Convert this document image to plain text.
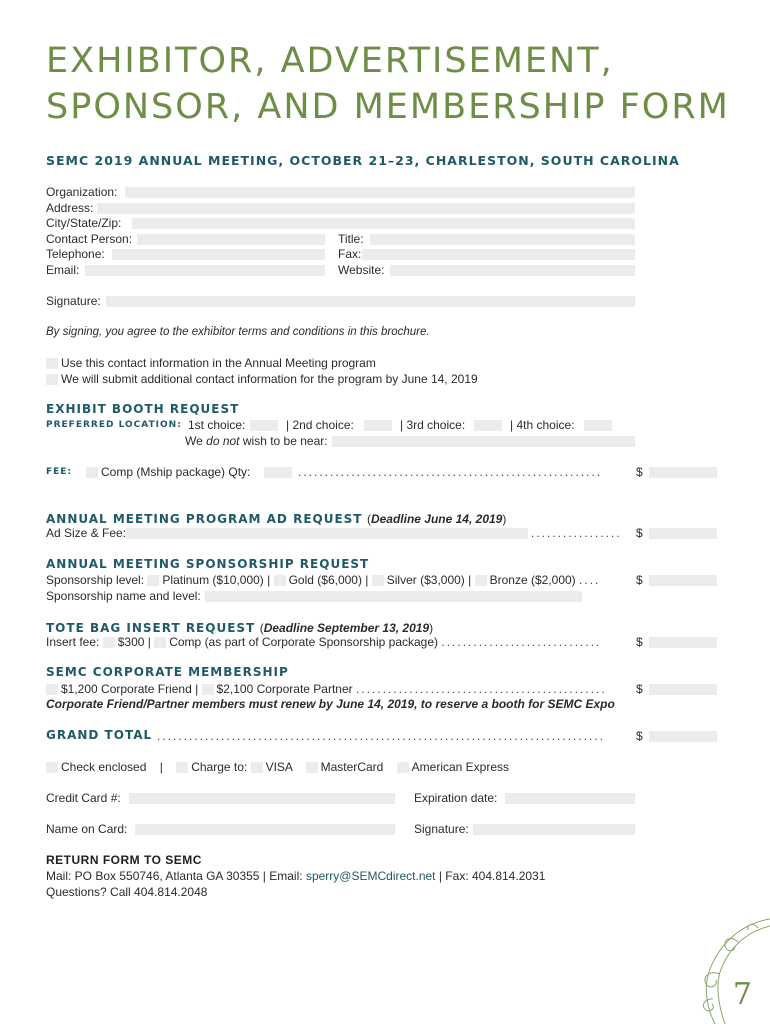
EXHIBITOR, ADVERTISEMENT,
SPONSOR, AND MEMBERSHIP FORM
SEMC 2019 ANNUAL MEETING, OCTOBER 21–23, CHARLESTON, SOUTH CAROLINA
Organization:
Address:
City/State/Zip:
Contact Person:	Title:
Telephone:	Fax:
Email:	Website:
Signature:
By signing, you agree to the exhibitor terms and conditions in this brochure.
Use this contact information in the Annual Meeting program
We will submit additional contact information for the program by June 14, 2019
EXHIBIT BOOTH REQUEST
PREFERRED LOCATION: 1st choice:	| 2nd choice:	| 3rd choice:	| 4th choice:
We do not wish to be near:
FEE:	Comp (Mship package) Qty:	.........................................................	$
ANNUAL MEETING PROGRAM AD REQUEST (Deadline June 14, 2019)
Ad Size & Fee:	................. $
ANNUAL MEETING SPONSORSHIP REQUEST
Sponsorship level: Platinum ($10,000) | Gold ($6,000) | Silver ($3,000) | Bronze ($2,000) ....	$
Sponsorship name and level:
TOTE BAG INSERT REQUEST (Deadline September 13, 2019)
Insert fee: $300 | Comp (as part of Corporate Sponsorship package) ..............................	$
SEMC CORPORATE MEMBERSHIP
$1,200 Corporate Friend | $2,100 Corporate Partner ............................................... $
Corporate Friend/Partner members must renew by June 14, 2019, to reserve a booth for SEMC Expo
GRAND TOTAL ....................................................................................	$
Check enclosed | Charge to: VISA MasterCard American Express
Credit Card #:	Expiration date:
Name on Card:	Signature:
RETURN FORM TO SEMC
Mail: PO Box 550746, Atlanta GA 30355 | Email: sperry@SEMCdirect.net | Fax: 404.814.2031
Questions? Call 404.814.2048
7
